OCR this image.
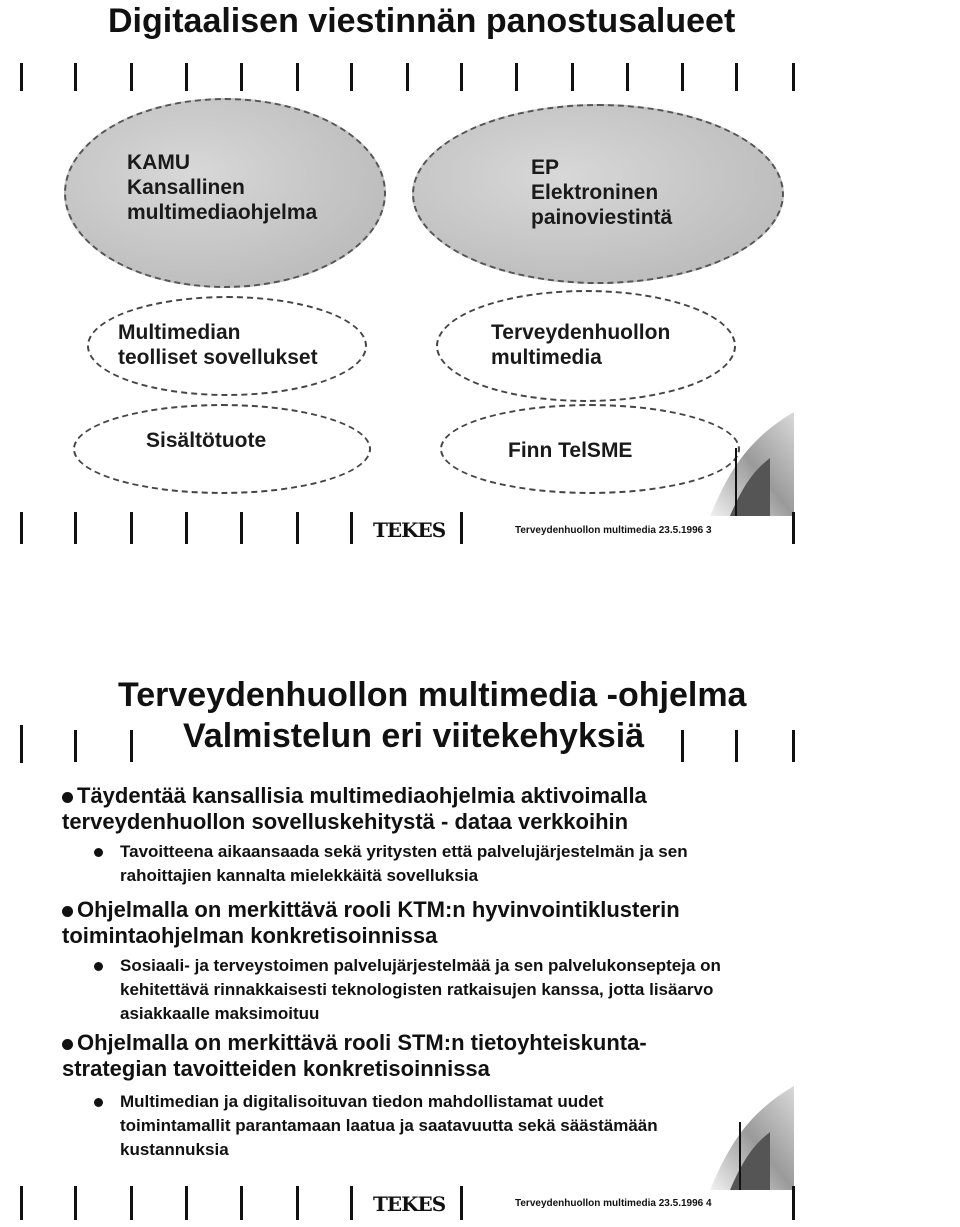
Digitaalisen viestinnän panostusalueet
KAMU
Kansallinen
multimediaohjelma
EP
Elektroninen
painoviestintä
Multimedian
teolliset sovellukset
Terveydenhuollon
multimedia
Sisältötuote	Finn TelSME
TEKES	Terveydenhuollon multimedia 23.5.1996 3
Terveydenhuollon multimedia -ohjelma
Valmistelun eri viitekehyksiä
Täydentää kansallisia multimediaohjelmia aktivoimalla terveydenhuollon sovelluskehitystä - dataa verkkoihin
Tavoitteena aikaansaada sekä yritysten että palvelujärjestelmän ja sen rahoittajien kannalta mielekkäitä sovelluksia
Ohjelmalla on merkittävä rooli KTM:n hyvinvointiklusterin toimintaohjelman konkretisoinnissa
Sosiaali- ja terveystoimen palvelujärjestelmää ja sen palvelukonsepteja on kehitettävä rinnakkaisesti teknologisten ratkaisujen kanssa, jotta lisäarvo asiakkaalle maksimoituu
Ohjelmalla on merkittävä rooli STM:n tietoyhteiskunta-strategian tavoitteiden konkretisoinnissa
Multimedian ja digitalisoituvan tiedon mahdollistamat uudet toimintamallit parantamaan laatua ja saatavuutta sekä säästämään kustannuksia
TEKES	Terveydenhuollon multimedia 23.5.1996 4
